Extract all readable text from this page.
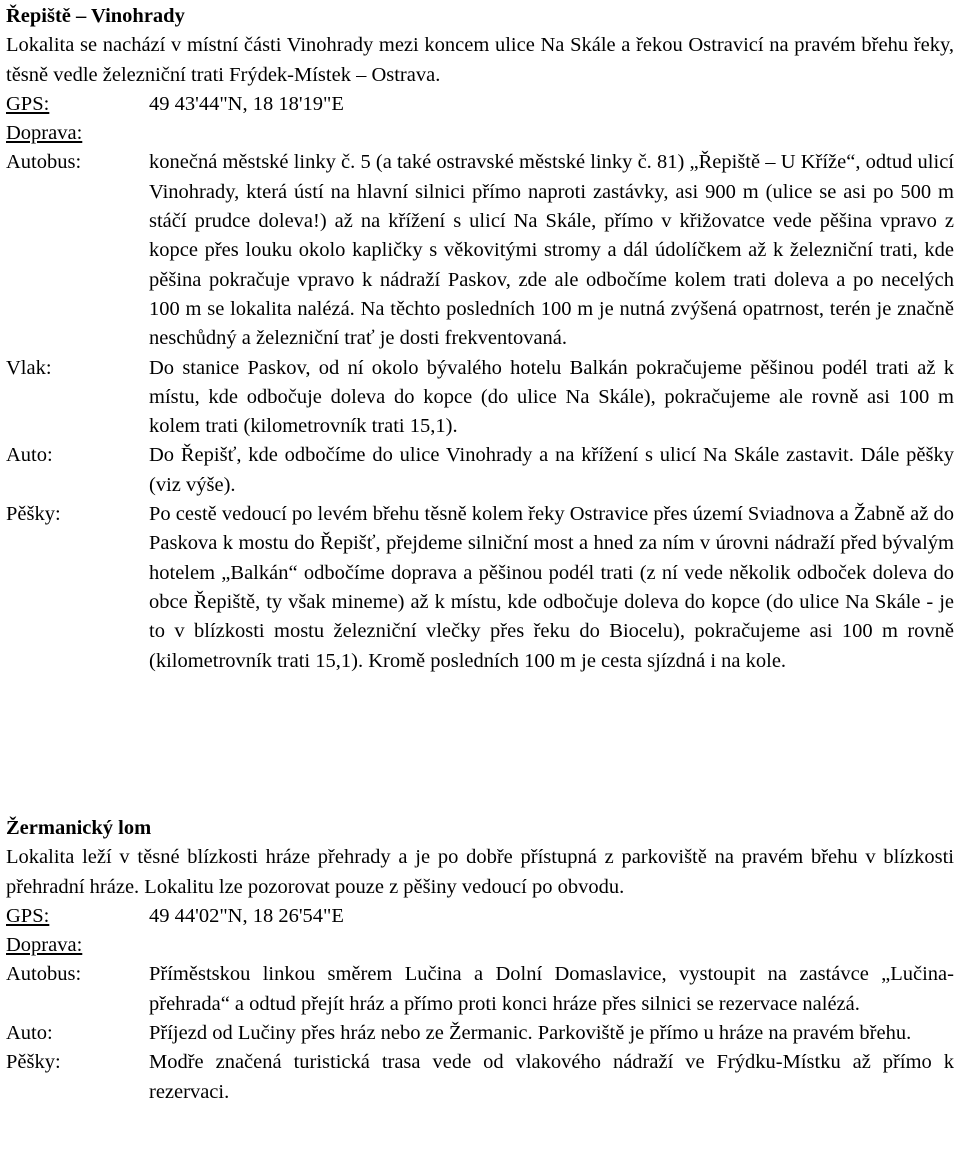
Řepiště – Vinohrady
Lokalita se nachází v místní části Vinohrady mezi koncem ulice Na Skále a řekou Ostravicí na pravém břehu řeky, těsně vedle železniční trati Frýdek-Místek – Ostrava.
GPS:	49 43'44"N, 18 18'19"E
Doprava:
Autobus:	konečná městské linky č. 5 (a také ostravské městské linky č. 81) „Řepiště – U Kříže“, odtud ulicí Vinohrady, která ústí na hlavní silnici přímo naproti zastávky, asi 900 m (ulice se asi po 500 m stáčí prudce doleva!) až na křížení s ulicí Na Skále, přímo v křižovatce vede pěšina vpravo z kopce přes louku okolo kapličky s věkovitými stromy a dál údolíčkem až k železniční trati, kde pěšina pokračuje vpravo k nádraží Paskov, zde ale odbočíme kolem trati doleva a po necelých 100 m se lokalita nalézá. Na těchto posledních 100 m je nutná zvýšená opatrnost, terén je značně neschůdný a železniční trať je dosti frekventovaná.
Vlak:	Do stanice Paskov, od ní okolo bývalého hotelu Balkán pokračujeme pěšinou podél trati až k místu, kde odbočuje doleva do kopce (do ulice Na Skále), pokračujeme ale rovně asi 100 m kolem trati (kilometrovník trati 15,1).
Auto:	Do Řepišť, kde odbočíme do ulice Vinohrady a na křížení s ulicí Na Skále zastavit. Dále pěšky (viz výše).
Pěšky:	Po cestě vedoucí po levém břehu těsně kolem řeky Ostravice přes území Sviadnova a Žabně až do Paskova k mostu do Řepišť, přejdeme silniční most a hned za ním v úrovni nádraží před bývalým hotelem „Balkán“ odbočíme doprava a pěšinou podél trati (z ní vede několik odboček doleva do obce Řepiště, ty však mineme) až k místu, kde odbočuje doleva do kopce (do ulice Na Skále - je to v blízkosti mostu železniční vlečky přes řeku do Biocelu), pokračujeme asi 100 m rovně (kilometrovník trati 15,1). Kromě posledních 100 m je cesta sjízdná i na kole.
Žermanický lom
Lokalita leží v těsné blízkosti hráze přehrady a je po dobře přístupná z parkoviště na pravém břehu v blízkosti přehradní hráze. Lokalitu lze pozorovat pouze z pěšiny vedoucí po obvodu.
GPS:	49 44'02"N, 18 26'54"E
Doprava:
Autobus:	Příměstskou linkou směrem Lučina a Dolní Domaslavice, vystoupit na zastávce „Lučina-přehrada“ a odtud přejít hráz a přímo proti konci hráze přes silnici se rezervace nalézá.
Auto:	Příjezd od Lučiny přes hráz nebo ze Žermanic. Parkoviště je přímo u hráze na pravém břehu.
Pěšky:	Modře značená turistická trasa vede od vlakového nádraží ve Frýdku-Místku až přímo k rezervaci.
